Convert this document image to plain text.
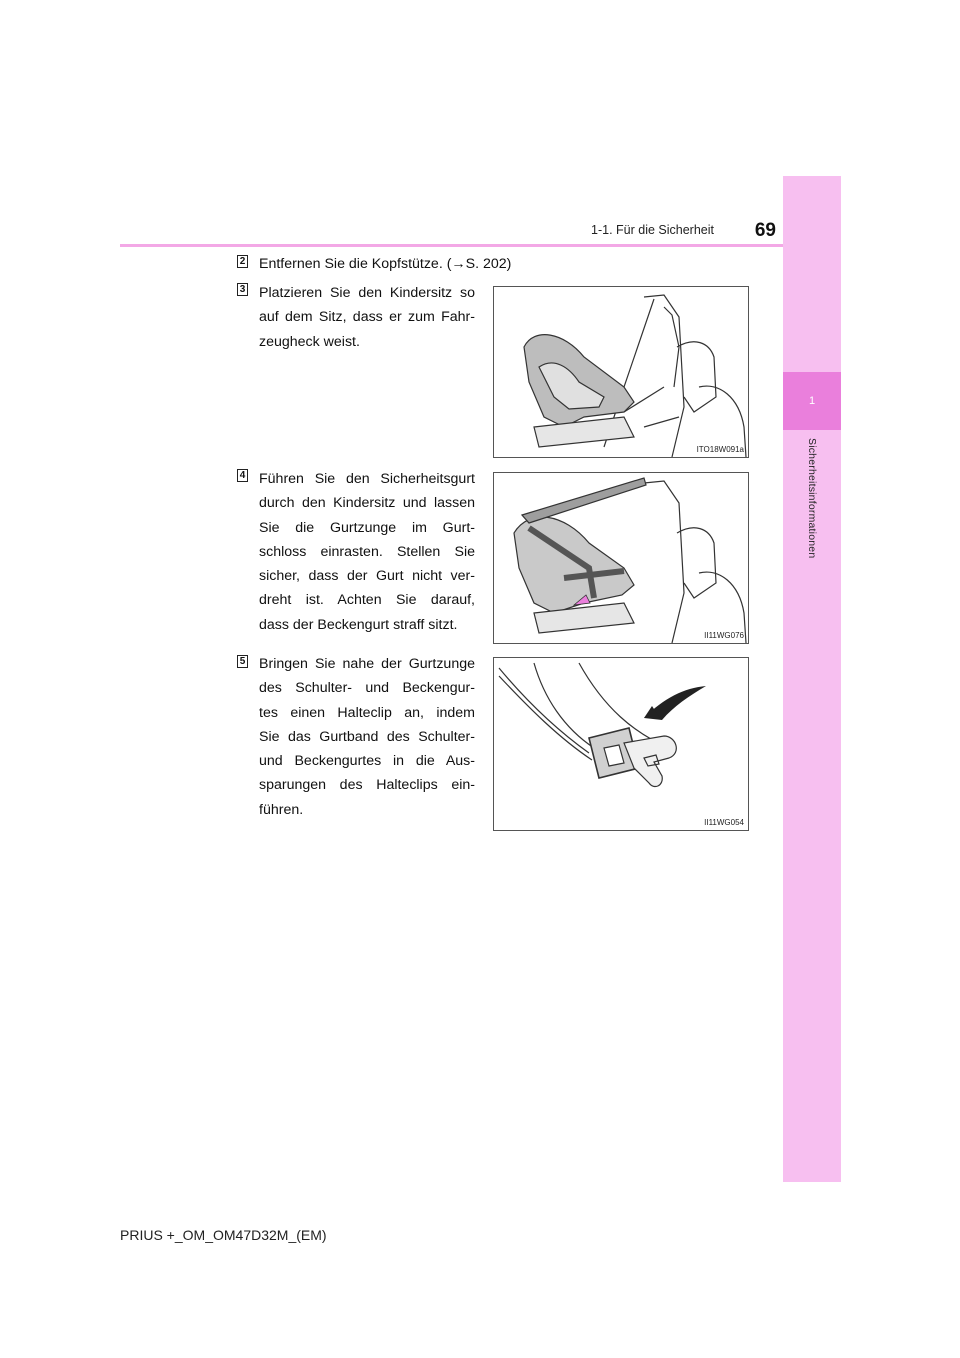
1
Sicherheitsinformationen
1-1. Für die Sicherheit	69
2 Entfernen Sie die Kopfstütze. (→S. 202)
3 Platzieren Sie den Kindersitz so
auf dem Sitz, dass er zum Fahr-
zeugheck weist.
ITO18W091a
4 Führen Sie den Sicherheitsgurt
durch den Kindersitz und lassen
Sie die Gurtzunge im Gurt-
schloss einrasten. Stellen Sie
sicher, dass der Gurt nicht ver-
dreht ist. Achten Sie darauf,
dass der Beckengurt straff sitzt.
II11WG076
5 Bringen Sie nahe der Gurtzunge
des Schulter- und Beckengur-
tes einen Halteclip an, indem
Sie das Gurtband des Schulter-
und Beckengurtes in die Aus-
sparungen des Halteclips ein-
führen.
II11WG054
PRIUS +_OM_OM47D32M_(EM)
